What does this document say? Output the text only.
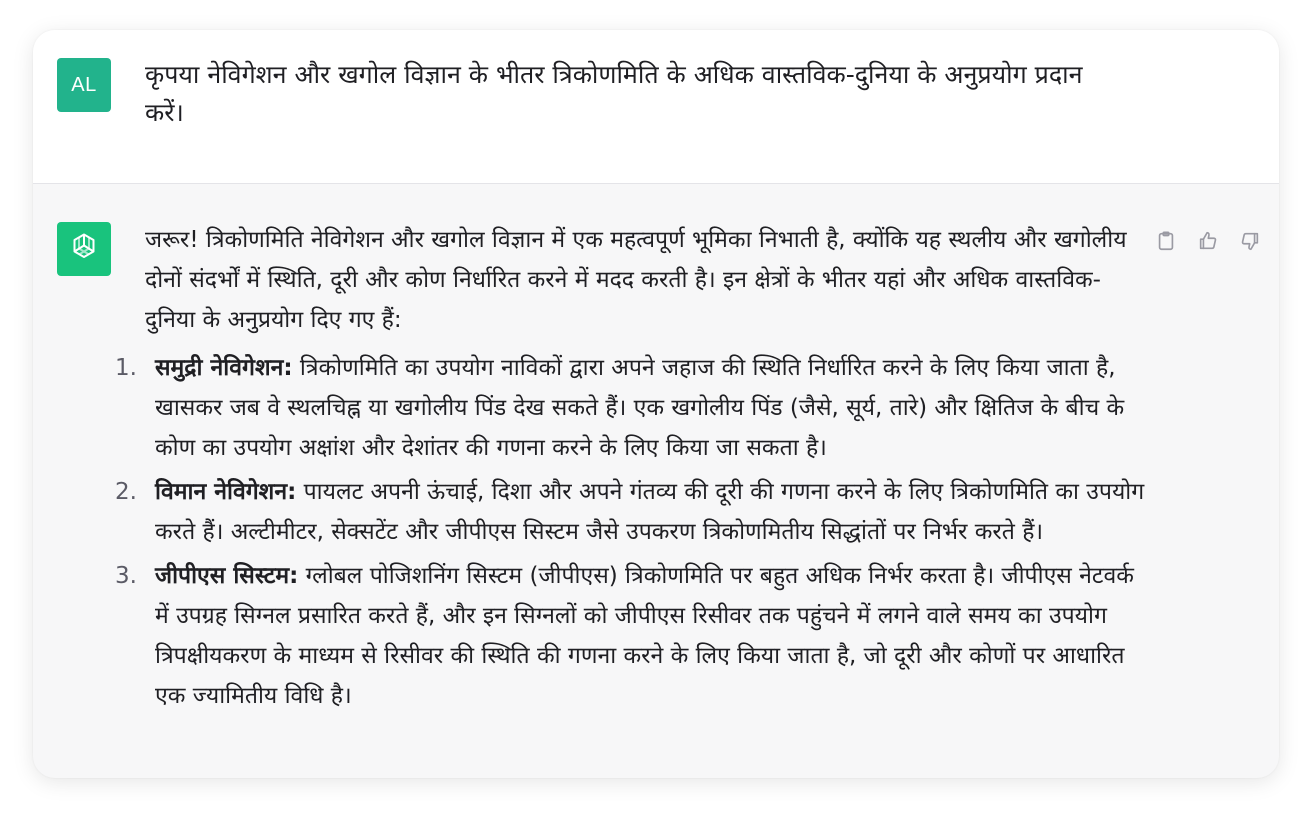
AL कृपया नेविगेशन और खगोल विज्ञान के भीतर त्रिकोणमिति के अधिक वास्तविक-दुनिया के अनुप्रयोग प्रदान करें।

जरूर! त्रिकोणमिति नेविगेशन और खगोल विज्ञान में एक महत्वपूर्ण भूमिका निभाती है, क्योंकि यह स्थलीय और खगोलीय दोनों संदर्भों में स्थिति, दूरी और कोण निर्धारित करने में मदद करती है। इन क्षेत्रों के भीतर यहां और अधिक वास्तविक-दुनिया के अनुप्रयोग दिए गए हैं:

1. समुद्री नेविगेशन: त्रिकोणमिति का उपयोग नाविकों द्वारा अपने जहाज की स्थिति निर्धारित करने के लिए किया जाता है, खासकर जब वे स्थलचिह्न या खगोलीय पिंड देख सकते हैं। एक खगोलीय पिंड (जैसे, सूर्य, तारे) और क्षितिज के बीच के कोण का उपयोग अक्षांश और देशांतर की गणना करने के लिए किया जा सकता है।
2. विमान नेविगेशन: पायलट अपनी ऊंचाई, दिशा और अपने गंतव्य की दूरी की गणना करने के लिए त्रिकोणमिति का उपयोग करते हैं। अल्टीमीटर, सेक्सटेंट और जीपीएस सिस्टम जैसे उपकरण त्रिकोणमितीय सिद्धांतों पर निर्भर करते हैं।
3. जीपीएस सिस्टम: ग्लोबल पोजिशनिंग सिस्टम (जीपीएस) त्रिकोणमिति पर बहुत अधिक निर्भर करता है। जीपीएस नेटवर्क में उपग्रह सिग्नल प्रसारित करते हैं, और इन सिग्नलों को जीपीएस रिसीवर तक पहुंचने में लगने वाले समय का उपयोग त्रिपक्षीयकरण के माध्यम से रिसीवर की स्थिति की गणना करने के लिए किया जाता है, जो दूरी और कोणों पर आधारित एक ज्यामितीय विधि है।
